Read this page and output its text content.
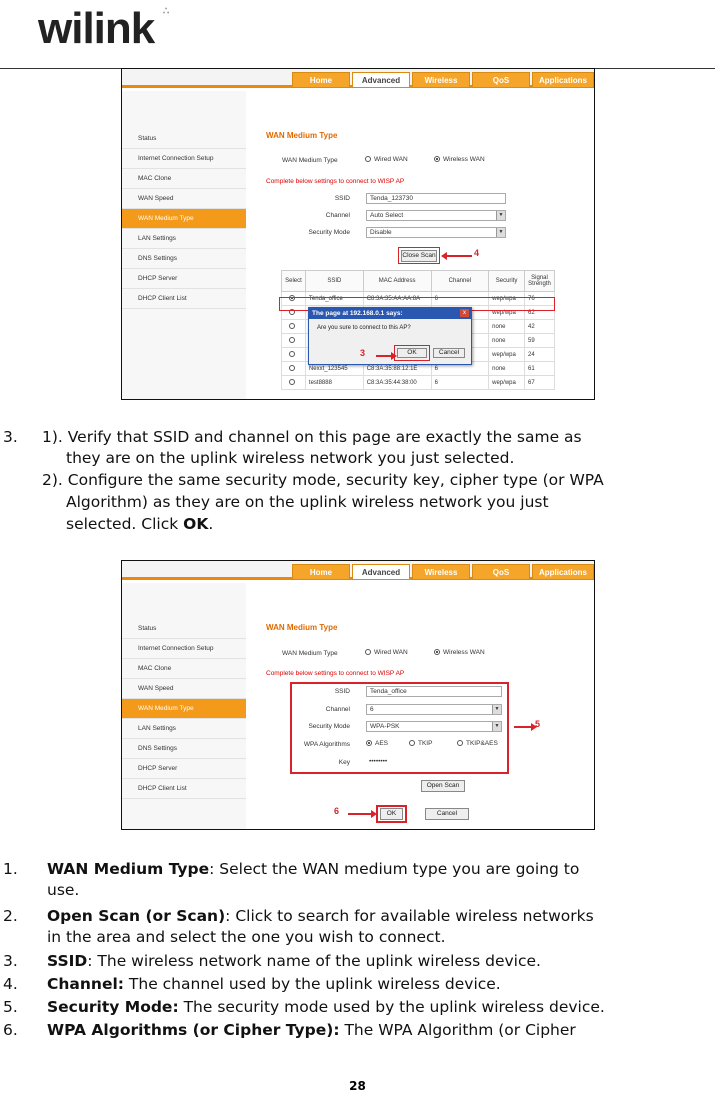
wilink ∴
Home	Advanced	Wireless	QoS	Applications
Status
Internet Connection Setup
MAC Clone
WAN Speed
WAN Medium Type
LAN Settings
DNS Settings
DHCP Server
DHCP Client List
WAN Medium Type
WAN Medium Type	Wired WAN	Wireless WAN
Complete below settings to connect to WISP AP
SSID	Tenda_123730
Channel	Auto Select	▼
Security Mode	Disable	▼
Close Scan	4
Select	SSID	MAC Address	Channel	Security	Signal Strength
	Tenda_office	C8:3A:35:AA:AA:8A	6	wep/wpa	76
				wep/wpa	62
				none	42
				none	59
				wep/wpa	24
	Nexxt_123545	C8:3A:35:88:12:1E	6	none	61
	test8888	C8:3A:35:44:38:00	6	wep/wpa	67
The page at 192.168.0.1 says:	x
Are you sure to connect to this AP?
OK	Cancel
3
3. 1). Verify that SSID and channel on this page are exactly the same as
they are on the uplink wireless network you just selected.
2). Configure the same security mode, security key, cipher type (or WPA
Algorithm) as they are on the uplink wireless network you just
selected. Click OK.
Home	Advanced	Wireless	QoS	Applications
Status
Internet Connection Setup
MAC Clone
WAN Speed
WAN Medium Type
LAN Settings
DNS Settings
DHCP Server
DHCP Client List
WAN Medium Type
WAN Medium Type	Wired WAN	Wireless WAN
Complete below settings to connect to WISP AP
SSID	Tenda_office
Channel	6	▼
Security Mode	WPA-PSK	▼
WPA Algorithms	AES	TKIP	TKIP&AES
Key	••••••••
5
Open Scan
OK	Cancel
6
1. WAN Medium Type: Select the WAN medium type you are going to
use.
2. Open Scan (or Scan): Click to search for available wireless networks
in the area and select the one you wish to connect.
3. SSID: The wireless network name of the uplink wireless device.
4. Channel: The channel used by the uplink wireless device.
5. Security Mode: The security mode used by the uplink wireless device.
6. WPA Algorithms (or Cipher Type): The WPA Algorithm (or Cipher
28
